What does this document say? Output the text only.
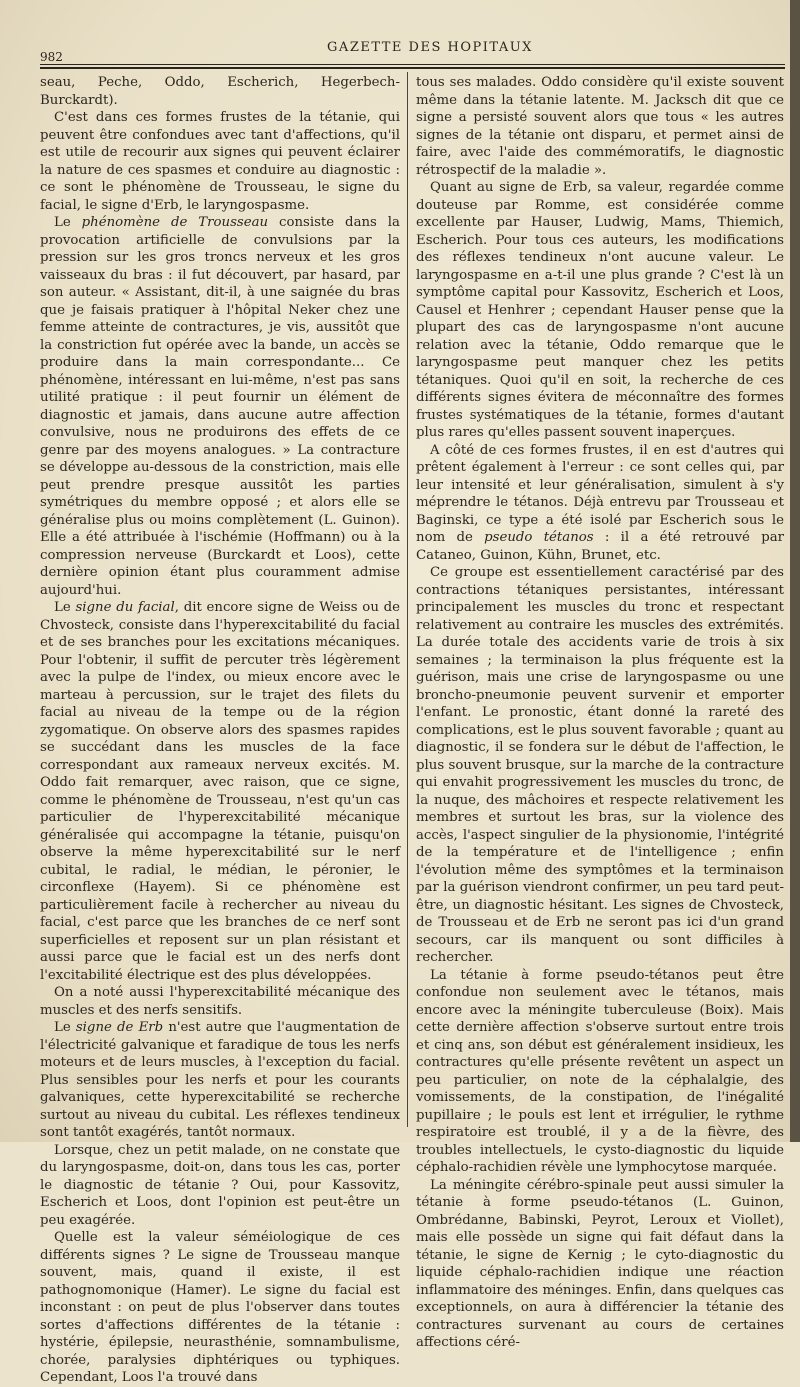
982
GAZETTE DES HOPITAUX

seau, Peche, Oddo, Escherich, Hegerbech-Burckardt).

C'est dans ces formes frustes de la tétanie, qui peuvent être confondues avec tant d'affections, qu'il est utile de recourir aux signes qui peuvent éclairer la nature de ces spasmes et conduire au diagnostic : ce sont le phénomène de Trousseau, le signe du facial, le signe d'Erb, le laryngospasme.

Le phénomène de Trousseau consiste dans la provocation artificielle de convulsions par la pression sur les gros troncs nerveux et les gros vaisseaux du bras : il fut découvert, par hasard, par son auteur. « Assistant, dit-il, à une saignée du bras que je faisais pratiquer à l'hôpital Neker chez une femme atteinte de contractures, je vis, aussitôt que la constriction fut opérée avec la bande, un accès se produire dans la main correspondante... Ce phénomène, intéressant en lui-même, n'est pas sans utilité pratique : il peut fournir un élément de diagnostic et jamais, dans aucune autre affection convulsive, nous ne produirons des effets de ce genre par des moyens analogues. » La contracture se développe au-dessous de la constriction, mais elle peut prendre presque aussitôt les parties symétriques du membre opposé ; et alors elle se généralise plus ou moins complètement (L. Guinon). Elle a été attribuée à l'ischémie (Hoffmann) ou à la compression nerveuse (Burckardt et Loos), cette dernière opinion étant plus couramment admise aujourd'hui.

Le signe du facial, dit encore signe de Weiss ou de Chvosteck, consiste dans l'hyperexcitabilité du facial et de ses branches pour les excitations mécaniques. Pour l'obtenir, il suffit de percuter très légèrement avec la pulpe de l'index, ou mieux encore avec le marteau à percussion, sur le trajet des filets du facial au niveau de la tempe ou de la région zygomatique. On observe alors des spasmes rapides se succédant dans les muscles de la face correspondant aux rameaux nerveux excités. M. Oddo fait remarquer, avec raison, que ce signe, comme le phénomène de Trousseau, n'est qu'un cas particulier de l'hyperexcitabilité mécanique généralisée qui accompagne la tétanie, puisqu'on observe la même hyperexcitabilité sur le nerf cubital, le radial, le médian, le péronier, le circonflexe (Hayem). Si ce phénomène est particulièrement facile à rechercher au niveau du facial, c'est parce que les branches de ce nerf sont superficielles et reposent sur un plan résistant et aussi parce que le facial est un des nerfs dont l'excitabilité électrique est des plus développées.

On a noté aussi l'hyperexcitabilité mécanique des muscles et des nerfs sensitifs.

Le signe de Erb n'est autre que l'augmentation de l'électricité galvanique et faradique de tous les nerfs moteurs et de leurs muscles, à l'exception du facial. Plus sensibles pour les nerfs et pour les courants galvaniques, cette hyperexcitabilité se recherche surtout au niveau du cubital. Les réflexes tendineux sont tantôt exagérés, tantôt normaux.

Lorsque, chez un petit malade, on ne constate que du laryngospasme, doit-on, dans tous les cas, porter le diagnostic de tétanie ? Oui, pour Kassovitz, Escherich et Loos, dont l'opinion est peut-être un peu exagérée.

Quelle est la valeur séméiologique de ces différents signes ? Le signe de Trousseau manque souvent, mais, quand il existe, il est pathognomonique (Hamer). Le signe du facial est inconstant : on peut de plus l'observer dans toutes sortes d'affections différentes de la tétanie : hystérie, épilepsie, neurasthénie, somnambulisme, chorée, paralysies diphtériques ou typhiques. Cependant, Loos l'a trouvé dans

tous ses malades. Oddo considère qu'il existe souvent même dans la tétanie latente. M. Jacksch dit que ce signe a persisté souvent alors que tous « les autres signes de la tétanie ont disparu, et permet ainsi de faire, avec l'aide des commémoratifs, le diagnostic rétrospectif de la maladie ».

Quant au signe de Erb, sa valeur, regardée comme douteuse par Romme, est considérée comme excellente par Hauser, Ludwig, Mams, Thiemich, Escherich. Pour tous ces auteurs, les modifications des réflexes tendineux n'ont aucune valeur. Le laryngospasme en a-t-il une plus grande ? C'est là un symptôme capital pour Kassovitz, Escherich et Loos, Causel et Henhrer ; cependant Hauser pense que la plupart des cas de laryngospasme n'ont aucune relation avec la tétanie, Oddo remarque que le laryngospasme peut manquer chez les petits tétaniques. Quoi qu'il en soit, la recherche de ces différents signes évitera de méconnaître des formes frustes systématiques de la tétanie, formes d'autant plus rares qu'elles passent souvent inaperçues.

A côté de ces formes frustes, il en est d'autres qui prêtent également à l'erreur : ce sont celles qui, par leur intensité et leur généralisation, simulent à s'y méprendre le tétanos. Déjà entrevu par Trousseau et Baginski, ce type a été isolé par Escherich sous le nom de pseudo tétanos : il a été retrouvé par Cataneo, Guinon, Kühn, Brunet, etc.

Ce groupe est essentiellement caractérisé par des contractions tétaniques persistantes, intéressant principalement les muscles du tronc et respectant relativement au contraire les muscles des extrémités. La durée totale des accidents varie de trois à six semaines ; la terminaison la plus fréquente est la guérison, mais une crise de laryngospasme ou une broncho-pneumonie peuvent survenir et emporter l'enfant. Le pronostic, étant donné la rareté des complications, est le plus souvent favorable ; quant au diagnostic, il se fondera sur le début de l'affection, le plus souvent brusque, sur la marche de la contracture qui envahit progressivement les muscles du tronc, de la nuque, des mâchoires et respecte relativement les membres et surtout les bras, sur la violence des accès, l'aspect singulier de la physionomie, l'intégrité de la température et de l'intelligence ; enfin l'évolution même des symptômes et la terminaison par la guérison viendront confirmer, un peu tard peut-être, un diagnostic hésitant. Les signes de Chvosteck, de Trousseau et de Erb ne seront pas ici d'un grand secours, car ils manquent ou sont difficiles à rechercher.

La tétanie à forme pseudo-tétanos peut être confondue non seulement avec le tétanos, mais encore avec la méningite tuberculeuse (Boix). Mais cette dernière affection s'observe surtout entre trois et cinq ans, son début est généralement insidieux, les contractures qu'elle présente revêtent un aspect un peu particulier, on note de la céphalalgie, des vomissements, de la constipation, de l'inégalité pupillaire ; le pouls est lent et irrégulier, le rythme respiratoire est troublé, il y a de la fièvre, des troubles intellectuels, le cysto-diagnostic du liquide céphalo-rachidien révèle une lymphocytose marquée.

La méningite cérébro-spinale peut aussi simuler la tétanie à forme pseudo-tétanos (L. Guinon, Ombrédanne, Babinski, Peyrot, Leroux et Viollet), mais elle possède un signe qui fait défaut dans la tétanie, le signe de Kernig ; le cyto-diagnostic du liquide céphalo-rachidien indique une réaction inflammatoire des méninges. Enfin, dans quelques cas exceptionnels, on aura à différencier la tétanie des contractures survenant au cours de certaines affections céré-
